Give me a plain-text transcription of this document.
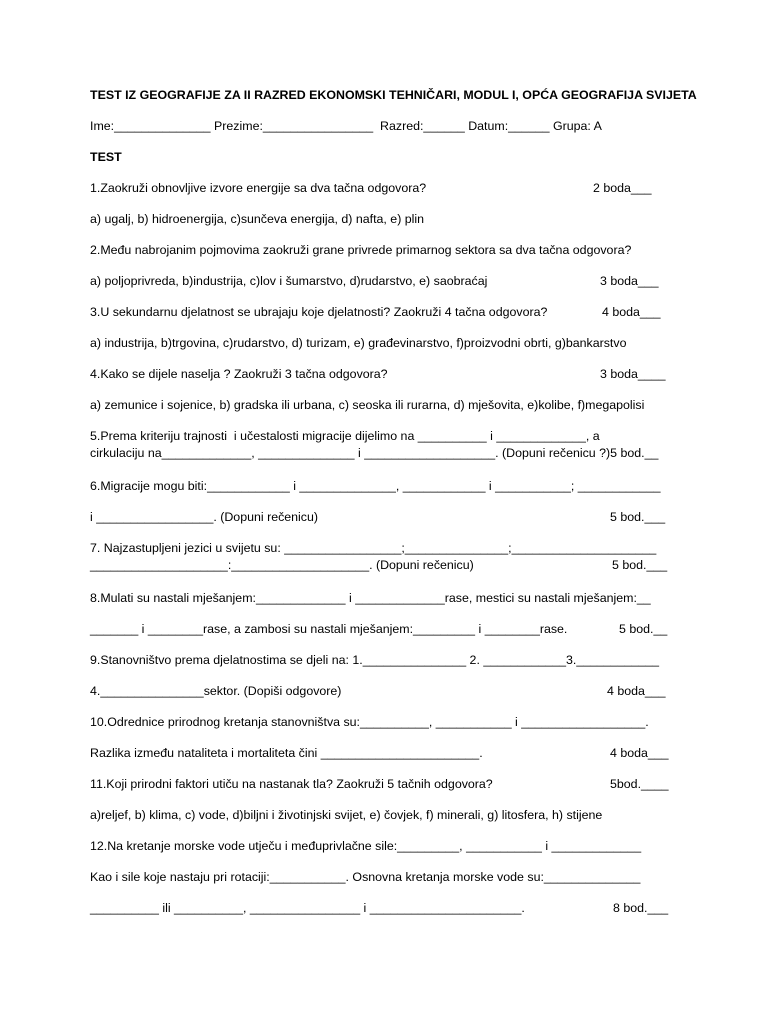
TEST IZ GEOGRAFIJE ZA II RAZRED EKONOMSKI TEHNIČARI, MODUL I, OPĆA GEOGRAFIJA SVIJETA
Ime:______________ Prezime:________________  Razred:______ Datum:______ Grupa: A
TEST
1.Zaokruži obnovljive izvore energije sa dva tačna odgovora?	2 boda___
a) ugalj, b) hidroenergija, c)sunčeva energija, d) nafta, e) plin
2.Među nabrojanim pojmovima zaokruži grane privrede primarnog sektora sa dva tačna odgovora?
a) poljoprivreda, b)industrija, c)lov i šumarstvo, d)rudarstvo, e) saobraćaj	3 boda___
3.U sekundarnu djelatnost se ubrajaju koje djelatnosti? Zaokruži 4 tačna odgovora?	4 boda___
a) industrija, b)trgovina, c)rudarstvo, d) turizam, e) građevinarstvo, f)proizvodni obrti, g)bankarstvo
4.Kako se dijele naselja ? Zaokruži 3 tačna odgovora?	3 boda____
a) zemunice i sojenice, b) gradska ili urbana, c) seoska ili rurarna, d) mješovita, e)kolibe, f)megapolisi
5.Prema kriteriju trajnosti  i učestalosti migracije dijelimo na __________ i _____________, a
cirkulaciju na_____________, ______________ i ___________________. (Dopuni rečenicu ?)5 bod.__
6.Migracije mogu biti:____________ i ______________, ____________ i ___________; ____________
i _________________. (Dopuni rečenicu)	5 bod.___
7. Najzastupljeni jezici u svijetu su: _________________;_______________;_____________________
____________________:____________________. (Dopuni rečenicu)	5 bod.___
8.Mulati su nastali mješanjem:_____________ i _____________rase, mestici su nastali mješanjem:__
_______ i ________rase, a zambosi su nastali mješanjem:_________ i ________rase.	5 bod.__
9.Stanovništvo prema djelatnostima se djeli na: 1._______________ 2. ____________3.____________
4._______________sektor. (Dopiši odgovore)	4 boda___
10.Odrednice prirodnog kretanja stanovništva su:__________, ___________ i __________________.
Razlika između nataliteta i mortaliteta čini _______________________.	4 boda___
11.Koji prirodni faktori utiču na nastanak tla? Zaokruži 5 tačnih odgovora?	5bod.____
a)reljef, b) klima, c) vode, d)biljni i životinjski svijet, e) čovjek, f) minerali, g) litosfera, h) stijene
12.Na kretanje morske vode utječu i međuprivlačne sile:_________, ___________ i _____________
Kao i sile koje nastaju pri rotaciji:___________. Osnovna kretanja morske vode su:______________
__________ ili __________, ________________ i ______________________.	8 bod.___
